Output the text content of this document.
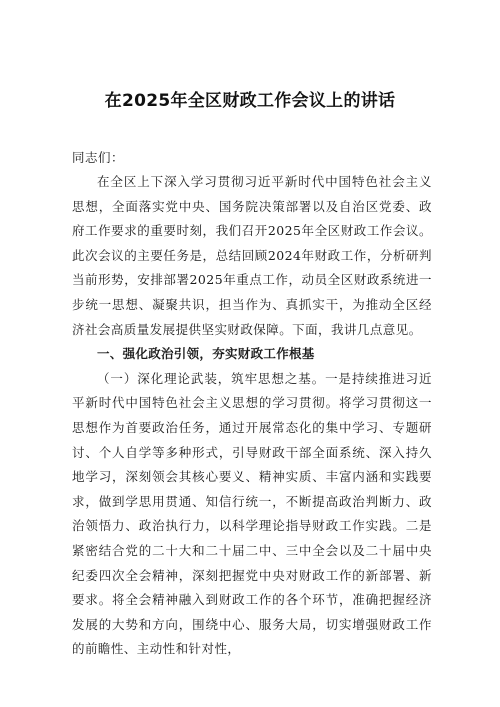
在2025年全区财政工作会议上的讲话

同志们：

在全区上下深入学习贯彻习近平新时代中国特色社会主义思想，全面落实党中央、国务院决策部署以及自治区党委、政府工作要求的重要时刻，我们召开2025年全区财政工作会议。此次会议的主要任务是，总结回顾2024年财政工作，分析研判当前形势，安排部署2025年重点工作，动员全区财政系统进一步统一思想、凝聚共识，担当作为、真抓实干，为推动全区经济社会高质量发展提供坚实财政保障。下面，我讲几点意见。

一、强化政治引领，夯实财政工作根基

（一）深化理论武装，筑牢思想之基。一是持续推进习近平新时代中国特色社会主义思想的学习贯彻。将学习贯彻这一思想作为首要政治任务，通过开展常态化的集中学习、专题研讨、个人自学等多种形式，引导财政干部全面系统、深入持久地学习，深刻领会其核心要义、精神实质、丰富内涵和实践要求，做到学思用贯通、知信行统一，不断提高政治判断力、政治领悟力、政治执行力，以科学理论指导财政工作实践。二是紧密结合党的二十大和二十届二中、三中全会以及二十届中央纪委四次全会精神，深刻把握党中央对财政工作的新部署、新要求。将全会精神融入到财政工作的各个环节，准确把握经济发展的大势和方向，围绕中心、服务大局，切实增强财政工作的前瞻性、主动性和针对性，
